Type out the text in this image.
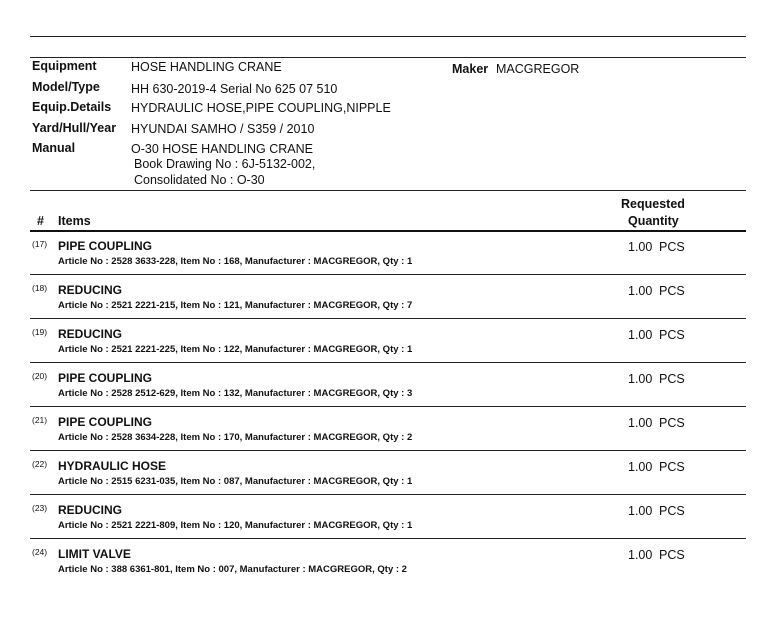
Equipment	HOSE HANDLING CRANE	Maker MACGREGOR
Model/Type HH 630-2019-4 Serial No 625 07 510
Equip.Details HYDRAULIC HOSE,PIPE COUPLING,NIPPLE
Yard/Hull/Year HYUNDAI SAMHO / S359 / 2010
Manual	O-30 HOSE HANDLING CRANE
Book Drawing No : 6J-5132-002,
Consolidated No : O-30
# Items
Requested
Quantity
(17) PIPE COUPLING
Article No : 2528 3633-228, Item No : 168, Manufacturer : MACGREGOR, Qty : 1
1.00 PCS
(18) REDUCING
Article No : 2521 2221-215, Item No : 121, Manufacturer : MACGREGOR, Qty : 7
1.00 PCS
(19) REDUCING
Article No : 2521 2221-225, Item No : 122, Manufacturer : MACGREGOR, Qty : 1
1.00 PCS
(20) PIPE COUPLING
Article No : 2528 2512-629, Item No : 132, Manufacturer : MACGREGOR, Qty : 3
1.00 PCS
(21) PIPE COUPLING
Article No : 2528 3634-228, Item No : 170, Manufacturer : MACGREGOR, Qty : 2
1.00 PCS
(22) HYDRAULIC HOSE
Article No : 2515 6231-035, Item No : 087, Manufacturer : MACGREGOR, Qty : 1
1.00 PCS
(23) REDUCING
Article No : 2521 2221-809, Item No : 120, Manufacturer : MACGREGOR, Qty : 1
1.00 PCS
(24) LIMIT VALVE
Article No : 388 6361-801, Item No : 007, Manufacturer : MACGREGOR, Qty : 2
1.00 PCS
